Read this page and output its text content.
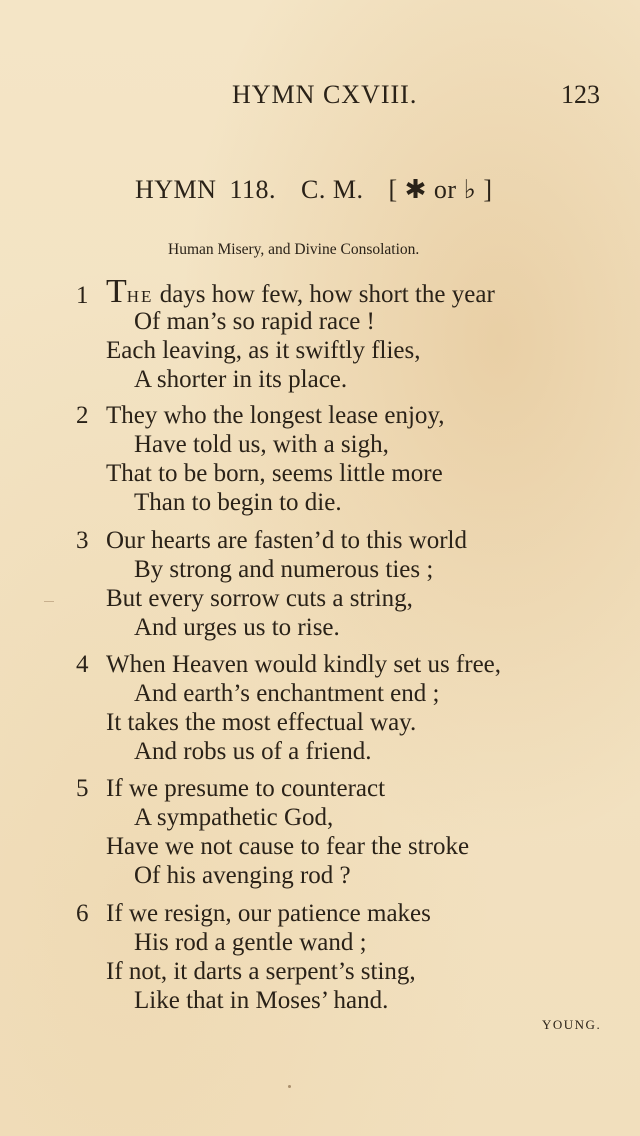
HYMN CXVIII.	123
HYMN 118. C. M. [ ✱ or ♭ ]
Human Misery, and Divine Consolation.
1 THE days how few, how short the year
Of man’s so rapid race !
Each leaving, as it swiftly flies,
A shorter in its place.
2 They who the longest lease enjoy,
Have told us, with a sigh,
That to be born, seems little more
Than to begin to die.
3 Our hearts are fasten’d to this world
By strong and numerous ties ;
But every sorrow cuts a string,
And urges us to rise.
4 When Heaven would kindly set us free,
And earth’s enchantment end ;
It takes the most effectual way.
And robs us of a friend.
5 If we presume to counteract
A sympathetic God,
Have we not cause to fear the stroke
Of his avenging rod ?
6 If we resign, our patience makes
His rod a gentle wand ;
If not, it darts a serpent’s sting,
Like that in Moses’ hand.
YOUNG.
